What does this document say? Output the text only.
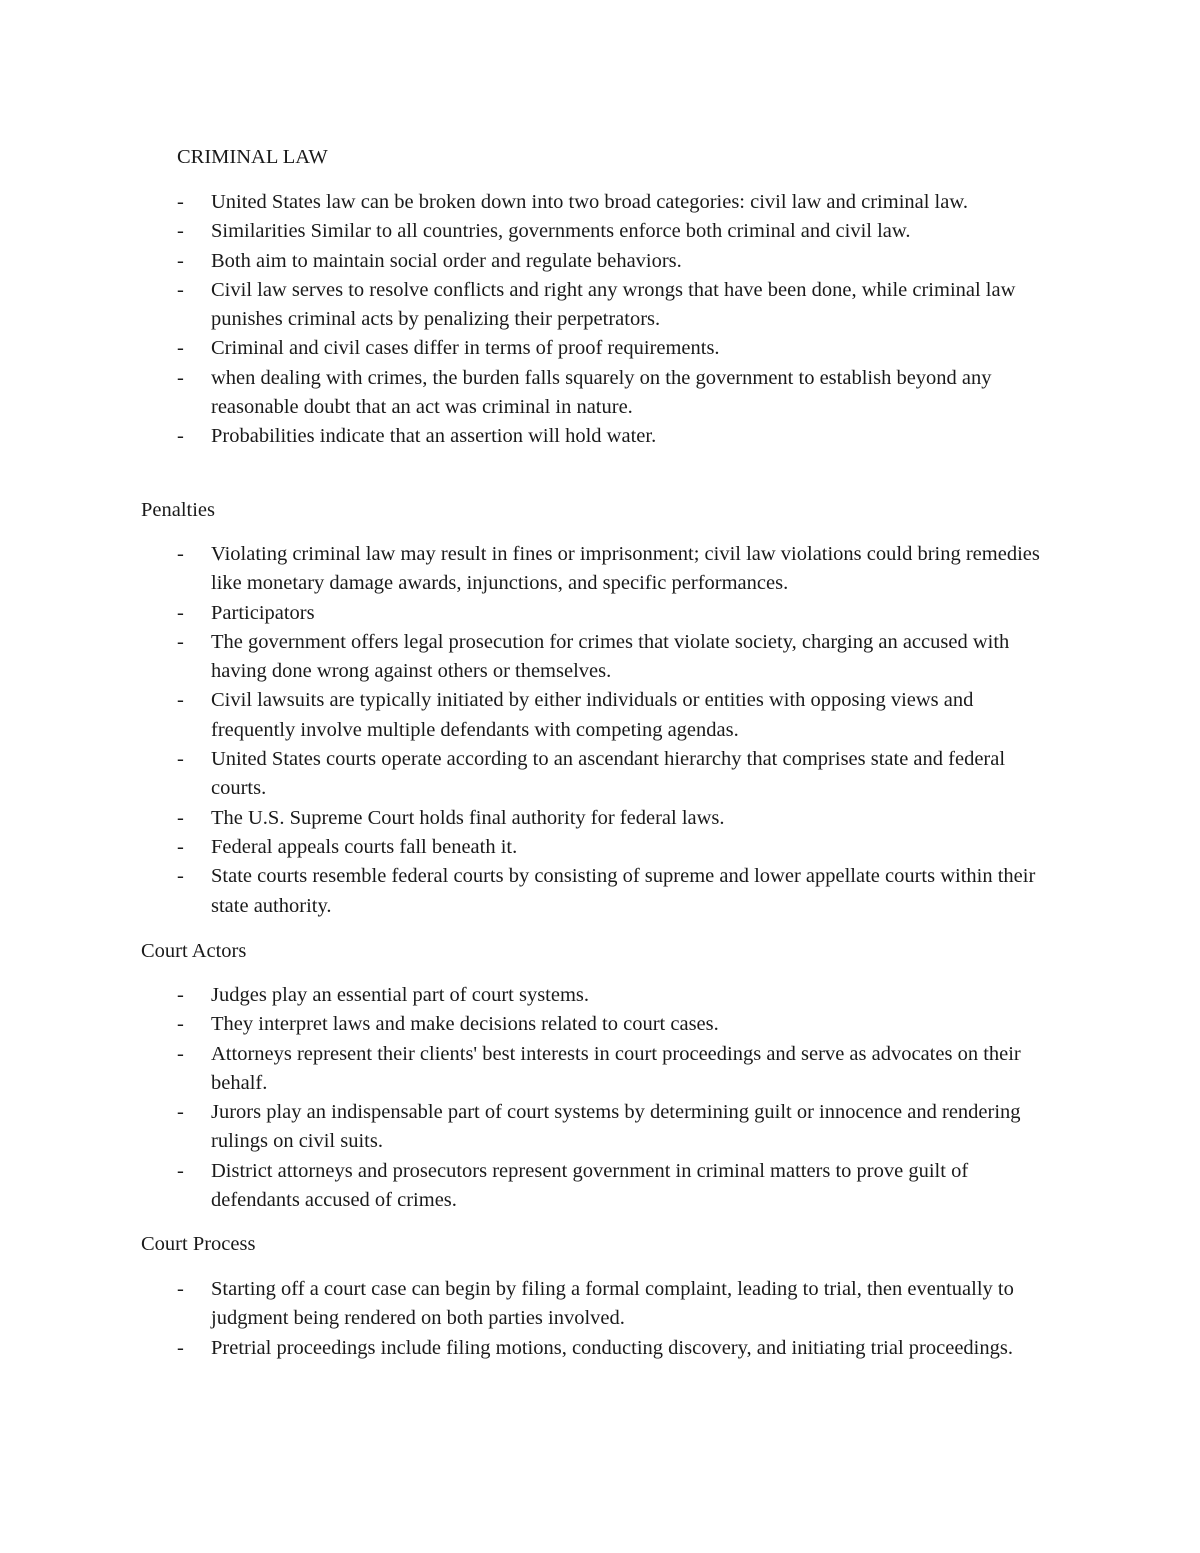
CRIMINAL LAW
- United States law can be broken down into two broad categories: civil law and criminal law.
- Similarities Similar to all countries, governments enforce both criminal and civil law.
- Both aim to maintain social order and regulate behaviors.
- Civil law serves to resolve conflicts and right any wrongs that have been done, while criminal law punishes criminal acts by penalizing their perpetrators.
- Criminal and civil cases differ in terms of proof requirements.
- when dealing with crimes, the burden falls squarely on the government to establish beyond any reasonable doubt that an act was criminal in nature.
- Probabilities indicate that an assertion will hold water.
Penalties
- Violating criminal law may result in fines or imprisonment; civil law violations could bring remedies like monetary damage awards, injunctions, and specific performances.
- Participators
- The government offers legal prosecution for crimes that violate society, charging an accused with having done wrong against others or themselves.
- Civil lawsuits are typically initiated by either individuals or entities with opposing views and frequently involve multiple defendants with competing agendas.
- United States courts operate according to an ascendant hierarchy that comprises state and federal courts.
- The U.S. Supreme Court holds final authority for federal laws.
- Federal appeals courts fall beneath it.
- State courts resemble federal courts by consisting of supreme and lower appellate courts within their state authority.
Court Actors
- Judges play an essential part of court systems.
- They interpret laws and make decisions related to court cases.
- Attorneys represent their clients' best interests in court proceedings and serve as advocates on their behalf.
- Jurors play an indispensable part of court systems by determining guilt or innocence and rendering rulings on civil suits.
- District attorneys and prosecutors represent government in criminal matters to prove guilt of defendants accused of crimes.
Court Process
- Starting off a court case can begin by filing a formal complaint, leading to trial, then eventually to judgment being rendered on both parties involved.
- Pretrial proceedings include filing motions, conducting discovery, and initiating trial proceedings.
